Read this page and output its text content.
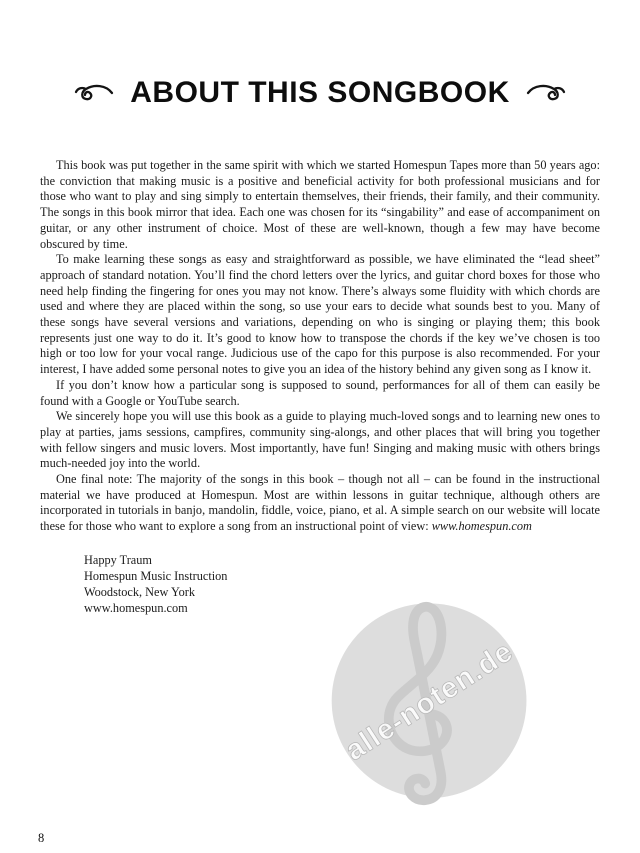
ABOUT THIS SONGBOOK

This book was put together in the same spirit with which we started Homespun Tapes more than 50 years ago: the conviction that making music is a positive and beneficial activity for both professional musicians and for those who want to play and sing simply to entertain themselves, their friends, their family, and their community. The songs in this book mirror that idea. Each one was chosen for its “singability” and ease of accompaniment on guitar, or any other instrument of choice. Most of these are well-known, though a few may have become obscured by time.

To make learning these songs as easy and straightforward as possible, we have eliminated the “lead sheet” approach of standard notation. You’ll find the chord letters over the lyrics, and guitar chord boxes for those who need help finding the fingering for ones you may not know. There’s always some fluidity with which chords are used and where they are placed within the song, so use your ears to decide what sounds best to you. Many of these songs have several versions and variations, depending on who is singing or playing them; this book represents just one way to do it. It’s good to know how to transpose the chords if the key we’ve chosen is too high or too low for your vocal range. Judicious use of the capo for this purpose is also recommended. For your interest, I have added some personal notes to give you an idea of the history behind any given song as I know it.

If you don’t know how a particular song is supposed to sound, performances for all of them can easily be found with a Google or YouTube search.

We sincerely hope you will use this book as a guide to playing much-loved songs and to learning new ones to play at parties, jams sessions, campfires, community sing-alongs, and other places that will bring you together with fellow singers and music lovers. Most importantly, have fun! Singing and making music with others brings much-needed joy into the world.

One final note: The majority of the songs in this book – though not all – can be found in the instructional material we have produced at Homespun. Most are within lessons in guitar technique, although others are incorporated in tutorials in banjo, mandolin, fiddle, voice, piano, et al. A simple search on our website will locate these for those who want to explore a song from an instructional point of view: www.homespun.com

Happy Traum
Homespun Music Instruction
Woodstock, New York
www.homespun.com
alle-noten.de
8
